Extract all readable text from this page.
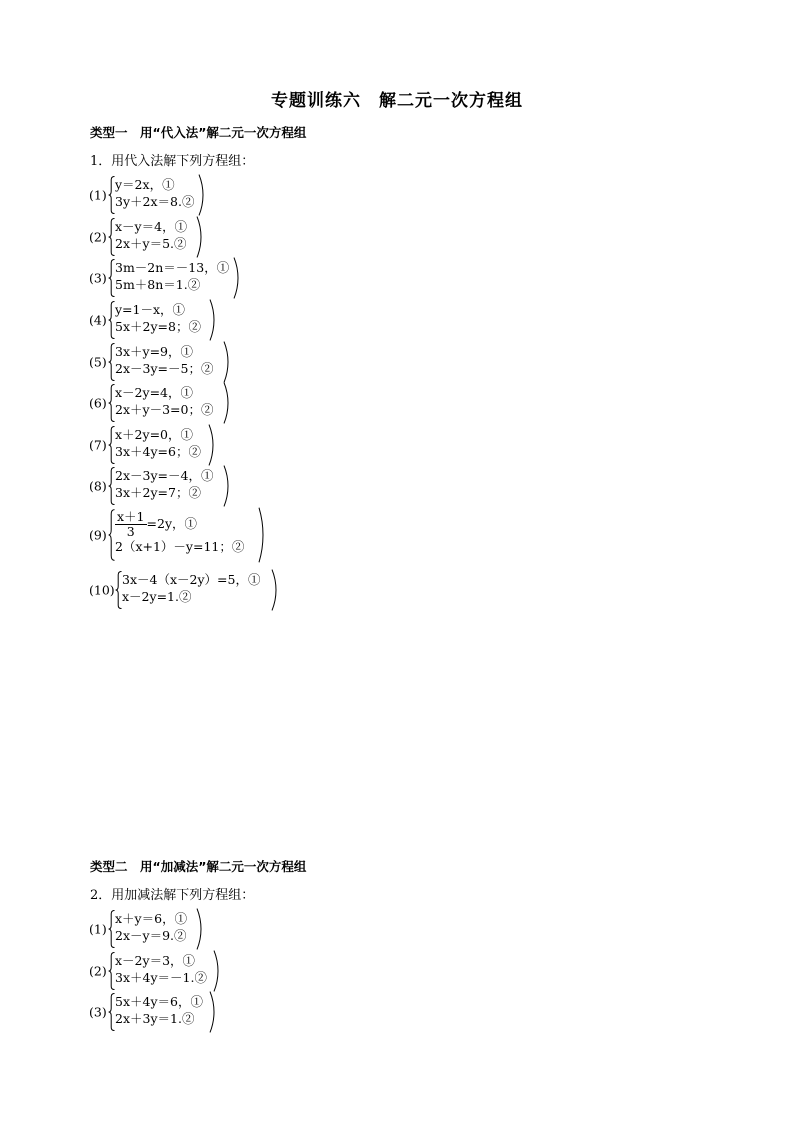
专题训练六　解二元一次方程组
类型一　用“代入法”解二元一次方程组
1．用代入法解下列方程组：
(1)
y＝2x，①
3y＋2x＝8.②
(2)
x－y＝4，①
2x＋y＝5.②
(3)
3m－2n＝－13，①
5m＋8n＝1.②
(4)
y=1－x，①
5x＋2y=8；②
(5)
3x＋y=9，①
2x－3y=－5；②
(6)
x－2y=4，①
2x＋y－3=0；②
(7)
x＋2y=0，①
3x＋4y=6；②
(8)
2x－3y=－4，①
3x＋2y=7；②
$(9) \frac{x+1}{3} =2y$，①
2（x+1）－y=11；②
(10)
3x－4（x－2y）=5，①
x－2y=1.②
类型二　用“加减法”解二元一次方程组
2．用加减法解下列方程组：
(1)
x＋y＝6，①
2x－y＝9.②
(2)
x－2y＝3，①
3x＋4y＝－1.②
(3)
5x＋4y＝6，①
2x＋3y＝1.②
